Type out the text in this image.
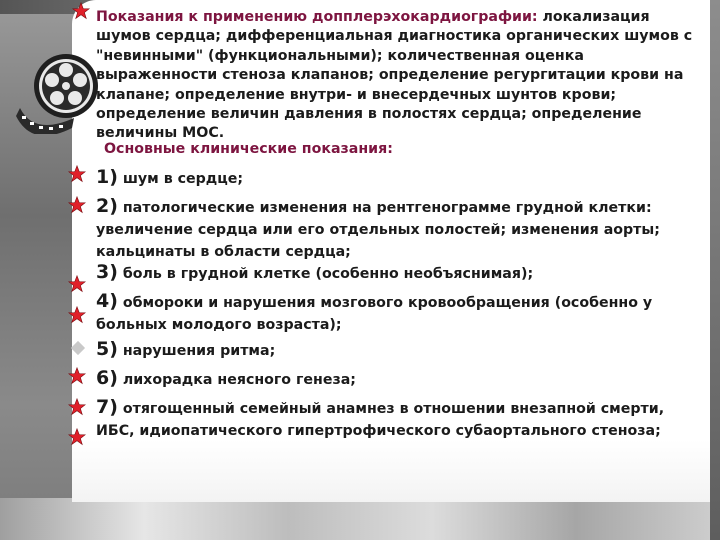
Показания к применению допплерэхокардиографии: локализация шумов сердца; дифференциальная диагностика органических шумов с "невинными" (функциональными); количественная оценка выраженности стеноза клапанов; определение регургитации крови на клапане; определение внутри- и внесердечных шунтов крови; определение величин давления в полостях сердца; определение величины МОС.
Основные клинические показания:
1) шум в сердце;
2) патологические изменения на рентгенограмме грудной клетки: увеличение сердца или его отдельных полостей; изменения аорты; кальцинаты в области сердца;
3) боль в грудной клетке (особенно необъяснимая);
4) обмороки и нарушения мозгового кровообращения (особенно у больных молодого возраста);
5) нарушения ритма;
6) лихорадка неясного генеза;
7) отягощенный семейный анамнез в отношении внезапной смерти, ИБС, идиопатического гипертрофического субаортального стеноза;
